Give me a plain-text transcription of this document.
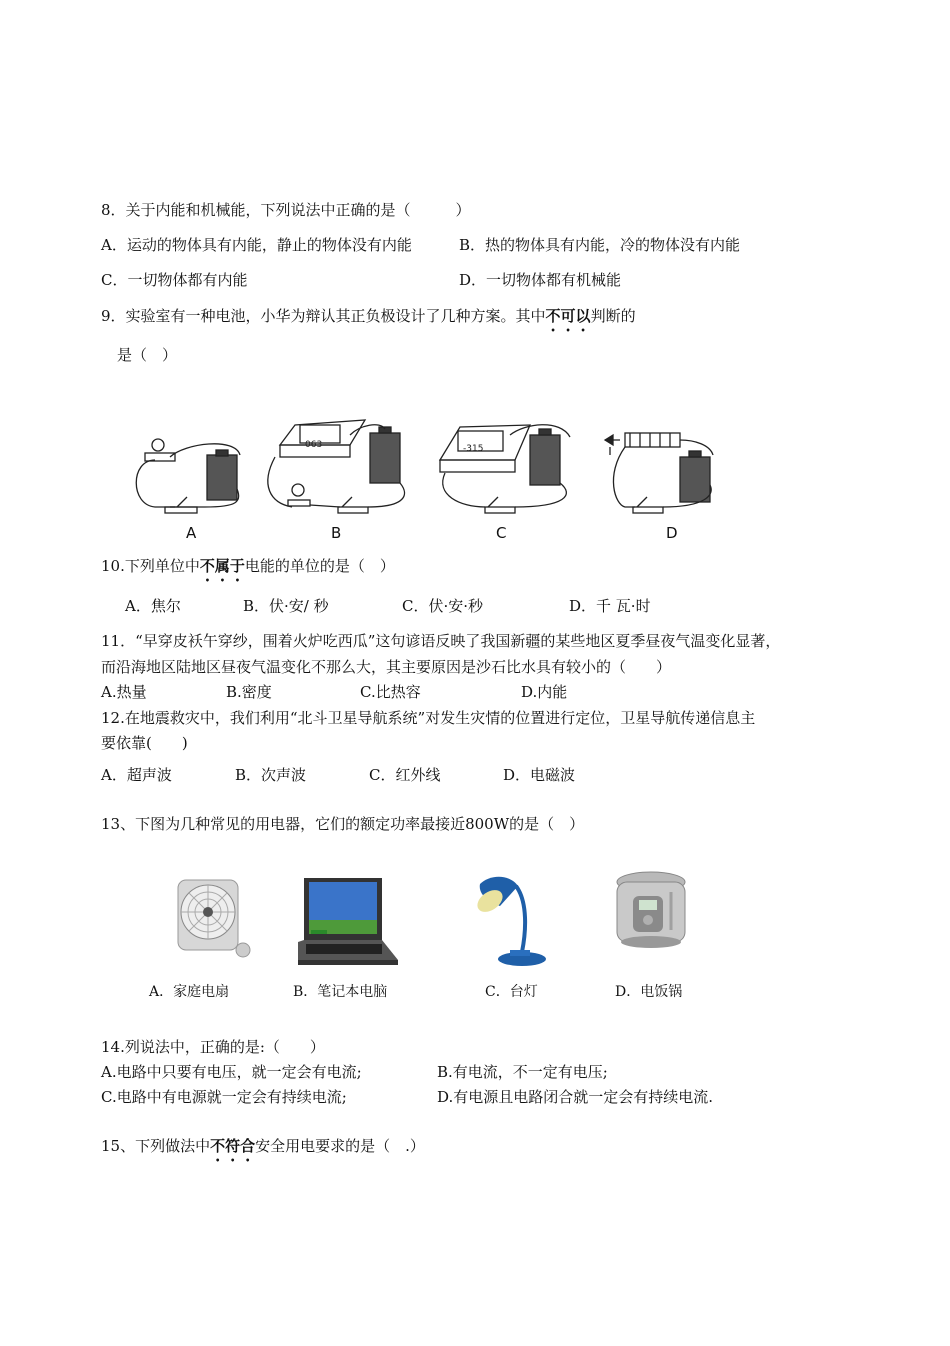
8．关于内能和机械能，下列说法中正确的是（　　　）
A．运动的物体具有内能，静止的物体没有内能	B．热的物体具有内能，冷的物体没有内能
C．一切物体都有内能	D．一切物体都有机械能
9．实验室有一种电池，小华为辩认其正负极设计了几种方案。其中不可以判断的
是（　）
063	-315
A	B	C	D
10.下列单位中不属于电能的单位的是（　）
A．焦尔	B．伏·安/ 秒	C．伏·安·秒	D．千 瓦·时
11．“早穿皮袄午穿纱，围着火炉吃西瓜”这句谚语反映了我国新疆的某些地区夏季昼夜气温变化显著，
而沿海地区陆地区昼夜气温变化不那么大，其主要原因是沙石比水具有较小的（　　）
A.热量	B.密度	C.比热容	D.内能
12.在地震救灾中，我们利用“北斗卫星导航系统”对发生灾情的位置进行定位，卫星导航传递信息主
要依靠(　　)
A．超声波	B．次声波	C．红外线	D．电磁波
13、下图为几种常见的用电器，它们的额定功率最接近800W的是（　）
A．家庭电扇	B．笔记本电脑	C．台灯	D．电饭锅
14.列说法中，正确的是:（　　）
A.电路中只要有电压，就一定会有电流;	B.有电流，不一定有电压;
C.电路中有电源就一定会有持续电流;	D.有电源且电路闭合就一定会有持续电流.
15、下列做法中不符合安全用电要求的是（　.）
